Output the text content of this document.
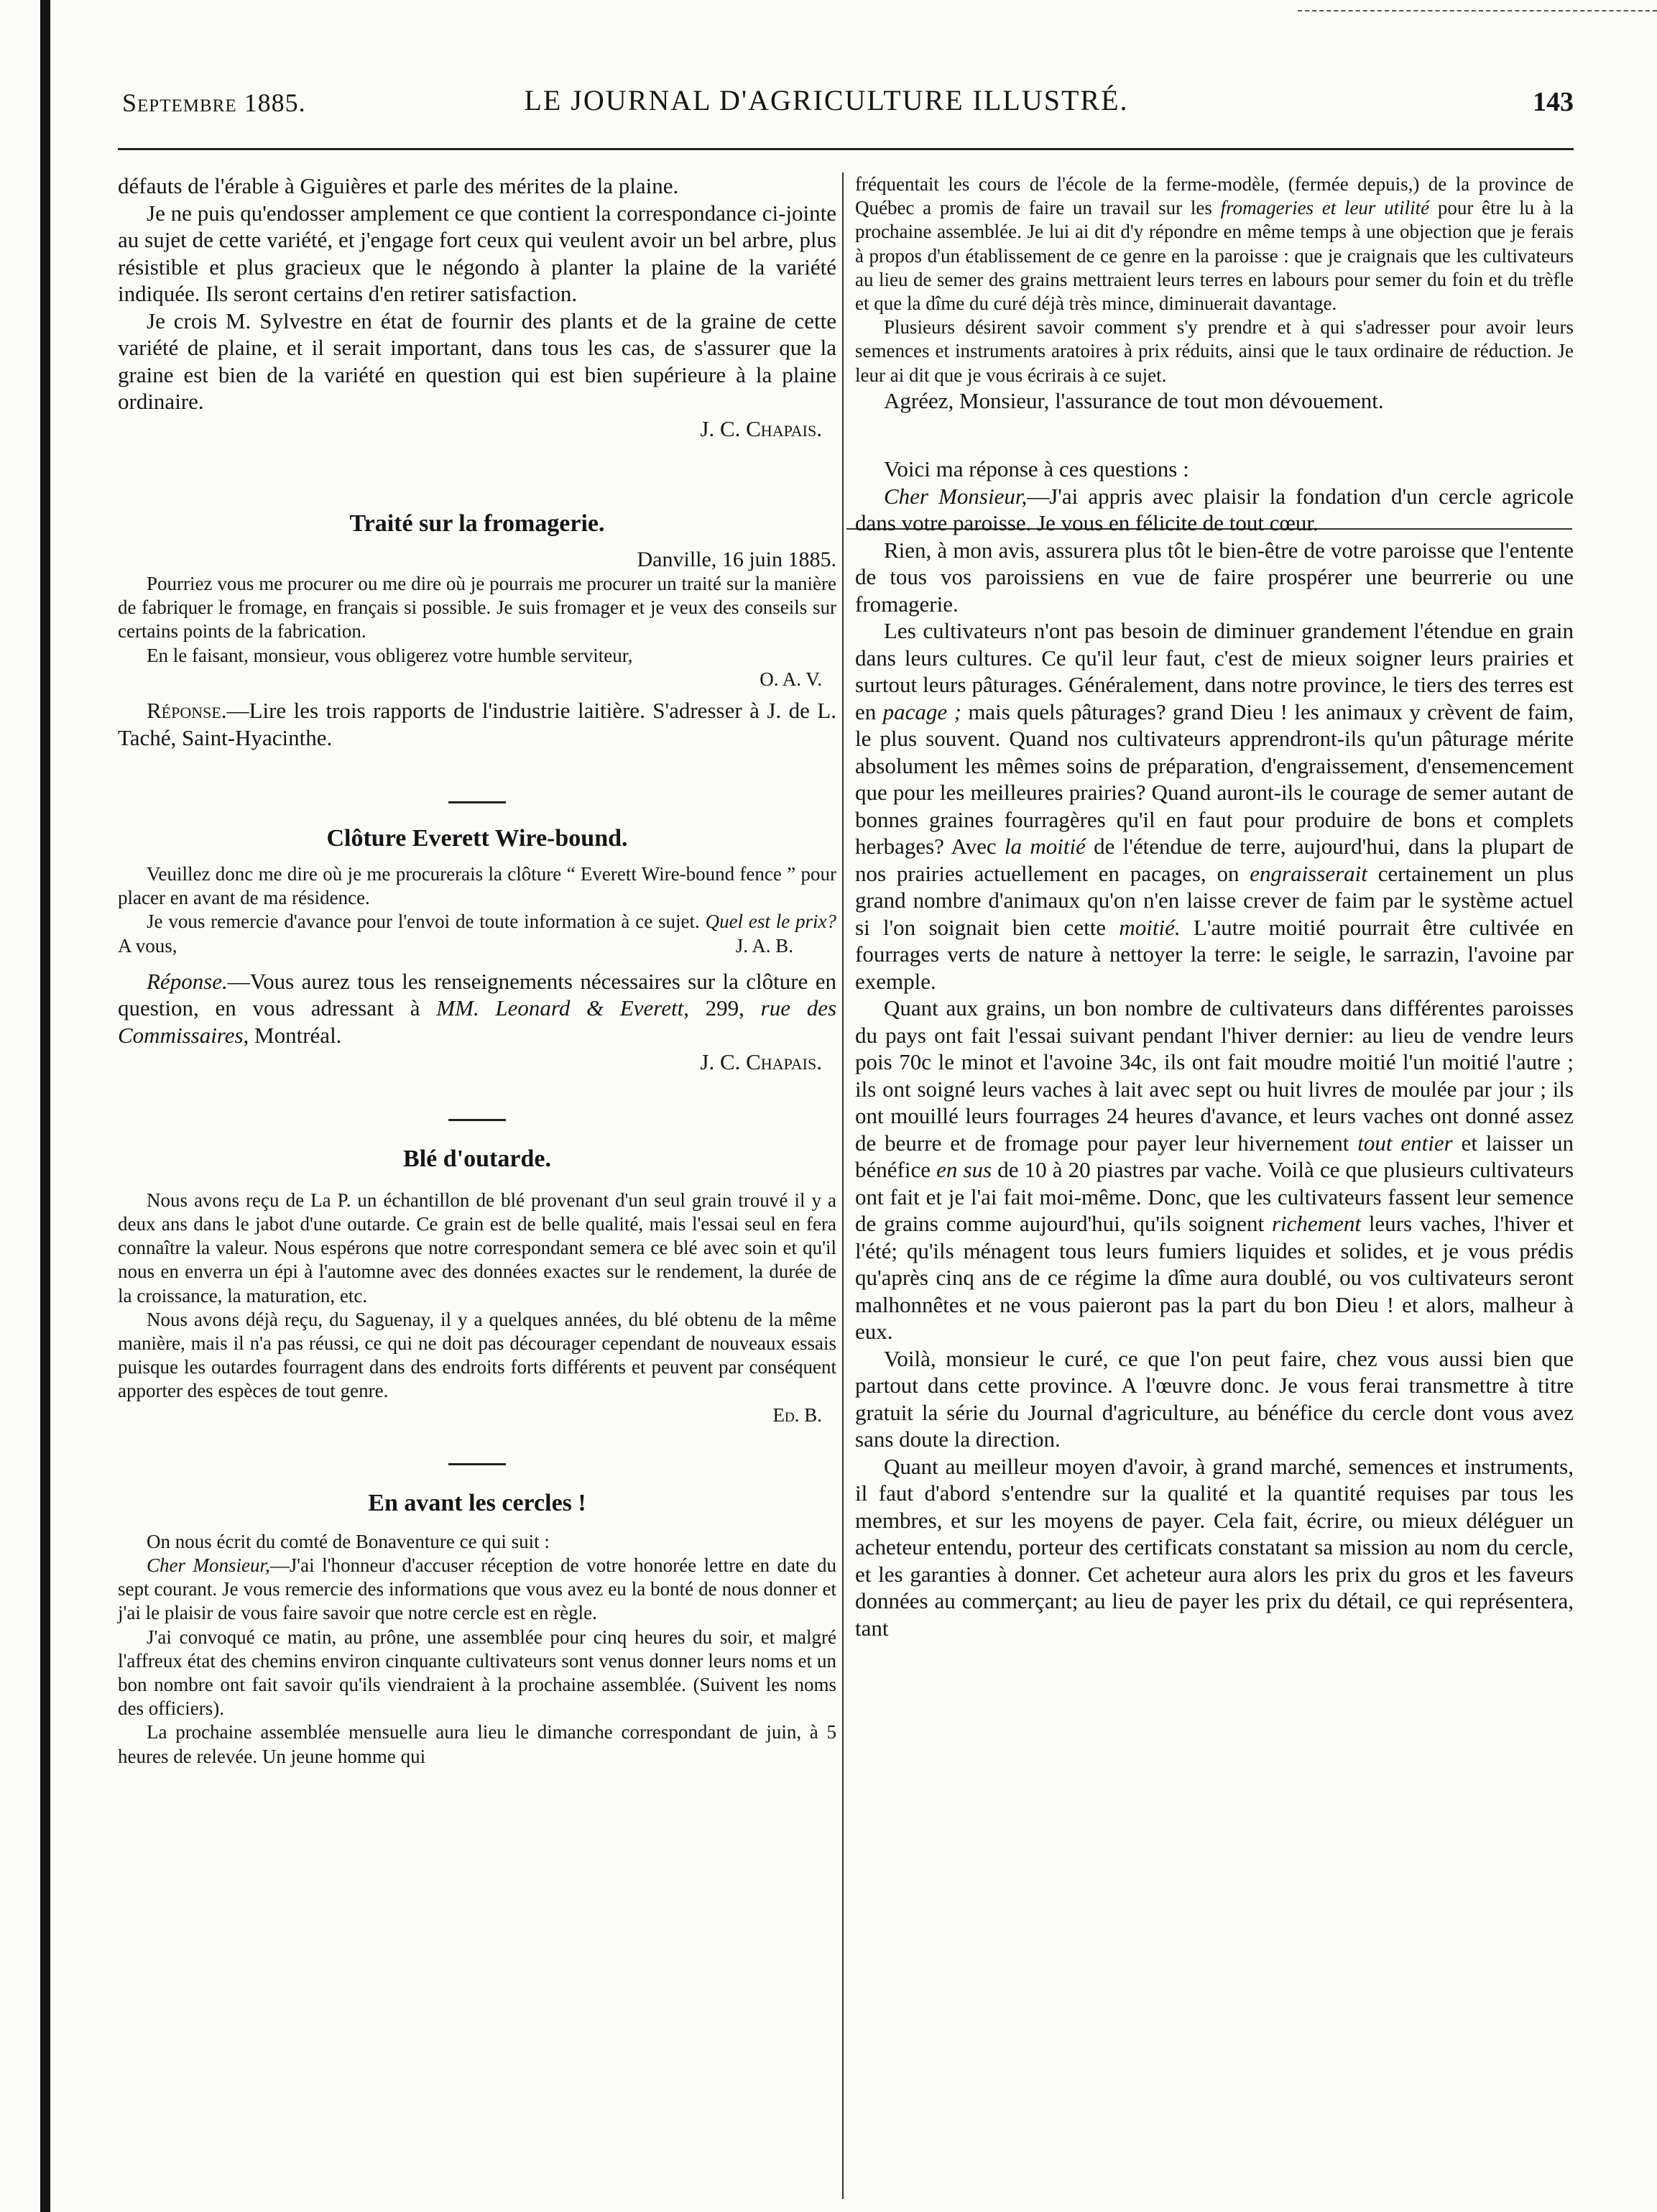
Septembre 1885.	LE JOURNAL D'AGRICULTURE ILLUSTRÉ.	143

défauts de l'érable à Giguières et parle des mérites de la plaine.

Je ne puis qu'endosser amplement ce que contient la correspondance ci-jointe au sujet de cette variété, et j'engage fort ceux qui veulent avoir un bel arbre, plus résistible et plus gracieux que le négondo à planter la plaine de la variété indiquée. Ils seront certains d'en retirer satisfaction.

Je crois M. Sylvestre en état de fournir des plants et de la graine de cette variété de plaine, et il serait important, dans tous les cas, de s'assurer que la graine est bien de la variété en question qui est bien supérieure à la plaine ordinaire.

J. C. Chapais.

Traité sur la fromagerie.

Danville, 16 juin 1885.

Pourriez vous me procurer ou me dire où je pourrais me procurer un traité sur la manière de fabriquer le fromage, en français si possible. Je suis fromager et je veux des conseils sur certains points de la fabrication.

En le faisant, monsieur, vous obligerez votre humble serviteur,

O. A. V.

Réponse.—Lire les trois rapports de l'industrie laitière. S'adresser à J. de L. Taché, Saint-Hyacinthe.

Clôture Everett Wire-bound.

Veuillez donc me dire où je me procurerais la clôture “ Everett Wire-bound fence ” pour placer en avant de ma résidence.

Je vous remercie d'avance pour l'envoi de toute information à ce sujet. Quel est le prix? A vous,	J. A. B.

Réponse.—Vous aurez tous les renseignements nécessaires sur la clôture en question, en vous adressant à MM. Leonard & Everett, 299, rue des Commissaires, Montréal.

J. C. Chapais.

Blé d'outarde.

Nous avons reçu de La P. un échantillon de blé provenant d'un seul grain trouvé il y a deux ans dans le jabot d'une outarde. Ce grain est de belle qualité, mais l'essai seul en fera connaître la valeur. Nous espérons que notre correspondant semera ce blé avec soin et qu'il nous en enverra un épi à l'automne avec des données exactes sur le rendement, la durée de la croissance, la maturation, etc.

Nous avons déjà reçu, du Saguenay, il y a quelques années, du blé obtenu de la même manière, mais il n'a pas réussi, ce qui ne doit pas décourager cependant de nouveaux essais puisque les outardes fourragent dans des endroits forts différents et peuvent par conséquent apporter des espèces de tout genre.

Ed. B.

En avant les cercles !

On nous écrit du comté de Bonaventure ce qui suit :

Cher Monsieur,—J'ai l'honneur d'accuser réception de votre honorée lettre en date du sept courant. Je vous remercie des informations que vous avez eu la bonté de nous donner et j'ai le plaisir de vous faire savoir que notre cercle est en règle.

J'ai convoqué ce matin, au prône, une assemblée pour cinq heures du soir, et malgré l'affreux état des chemins environ cinquante cultivateurs sont venus donner leurs noms et un bon nombre ont fait savoir qu'ils viendraient à la prochaine assemblée. (Suivent les noms des officiers).

La prochaine assemblée mensuelle aura lieu le dimanche correspondant de juin, à 5 heures de relevée. Un jeune homme qui

fréquentait les cours de l'école de la ferme-modèle, (fermée depuis,) de la province de Québec a promis de faire un travail sur les fromageries et leur utilité pour être lu à la prochaine assemblée. Je lui ai dit d'y répondre en même temps à une objection que je ferais à propos d'un établissement de ce genre en la paroisse : que je craignais que les cultivateurs au lieu de semer des grains mettraient leurs terres en labours pour semer du foin et du trèfle et que la dîme du curé déjà très mince, diminuerait davantage.

Plusieurs désirent savoir comment s'y prendre et à qui s'adresser pour avoir leurs semences et instruments aratoires à prix réduits, ainsi que le taux ordinaire de réduction. Je leur ai dit que je vous écrirais à ce sujet.

Agréez, Monsieur, l'assurance de tout mon dévouement.

Voici ma réponse à ces questions :

Cher Monsieur,—J'ai appris avec plaisir la fondation d'un cercle agricole dans votre paroisse. Je vous en félicite de tout cœur.

Rien, à mon avis, assurera plus tôt le bien-être de votre paroisse que l'entente de tous vos paroissiens en vue de faire prospérer une beurrerie ou une fromagerie.

Les cultivateurs n'ont pas besoin de diminuer grandement l'étendue en grain dans leurs cultures. Ce qu'il leur faut, c'est de mieux soigner leurs prairies et surtout leurs pâturages. Généralement, dans notre province, le tiers des terres est en pacage ; mais quels pâturages? grand Dieu ! les animaux y crèvent de faim, le plus souvent. Quand nos cultivateurs apprendront-ils qu'un pâturage mérite absolument les mêmes soins de préparation, d'engraissement, d'ensemencement que pour les meilleures prairies? Quand auront-ils le courage de semer autant de bonnes graines fourragères qu'il en faut pour produire de bons et complets herbages? Avec la moitié de l'étendue de terre, aujourd'hui, dans la plupart de nos prairies actuellement en pacages, on engraisserait certainement un plus grand nombre d'animaux qu'on n'en laisse crever de faim par le système actuel si l'on soignait bien cette moitié. L'autre moitié pourrait être cultivée en fourrages verts de nature à nettoyer la terre: le seigle, le sarrazin, l'avoine par exemple.

Quant aux grains, un bon nombre de cultivateurs dans différentes paroisses du pays ont fait l'essai suivant pendant l'hiver dernier: au lieu de vendre leurs pois 70c le minot et l'avoine 34c, ils ont fait moudre moitié l'un moitié l'autre ; ils ont soigné leurs vaches à lait avec sept ou huit livres de moulée par jour ; ils ont mouillé leurs fourrages 24 heures d'avance, et leurs vaches ont donné assez de beurre et de fromage pour payer leur hivernement tout entier et laisser un bénéfice en sus de 10 à 20 piastres par vache. Voilà ce que plusieurs cultivateurs ont fait et je l'ai fait moi-même. Donc, que les cultivateurs fassent leur semence de grains comme aujourd'hui, qu'ils soignent richement leurs vaches, l'hiver et l'été; qu'ils ménagent tous leurs fumiers liquides et solides, et je vous prédis qu'après cinq ans de ce régime la dîme aura doublé, ou vos cultivateurs seront malhonnêtes et ne vous paieront pas la part du bon Dieu ! et alors, malheur à eux.

Voilà, monsieur le curé, ce que l'on peut faire, chez vous aussi bien que partout dans cette province. A l'œuvre donc. Je vous ferai transmettre à titre gratuit la série du Journal d'agriculture, au bénéfice du cercle dont vous avez sans doute la direction.

Quant au meilleur moyen d'avoir, à grand marché, semences et instruments, il faut d'abord s'entendre sur la qualité et la quantité requises par tous les membres, et sur les moyens de payer. Cela fait, écrire, ou mieux déléguer un acheteur entendu, porteur des certificats constatant sa mission au nom du cercle, et les garanties à donner. Cet acheteur aura alors les prix du gros et les faveurs données au commerçant; au lieu de payer les prix du détail, ce qui représentera, tant
